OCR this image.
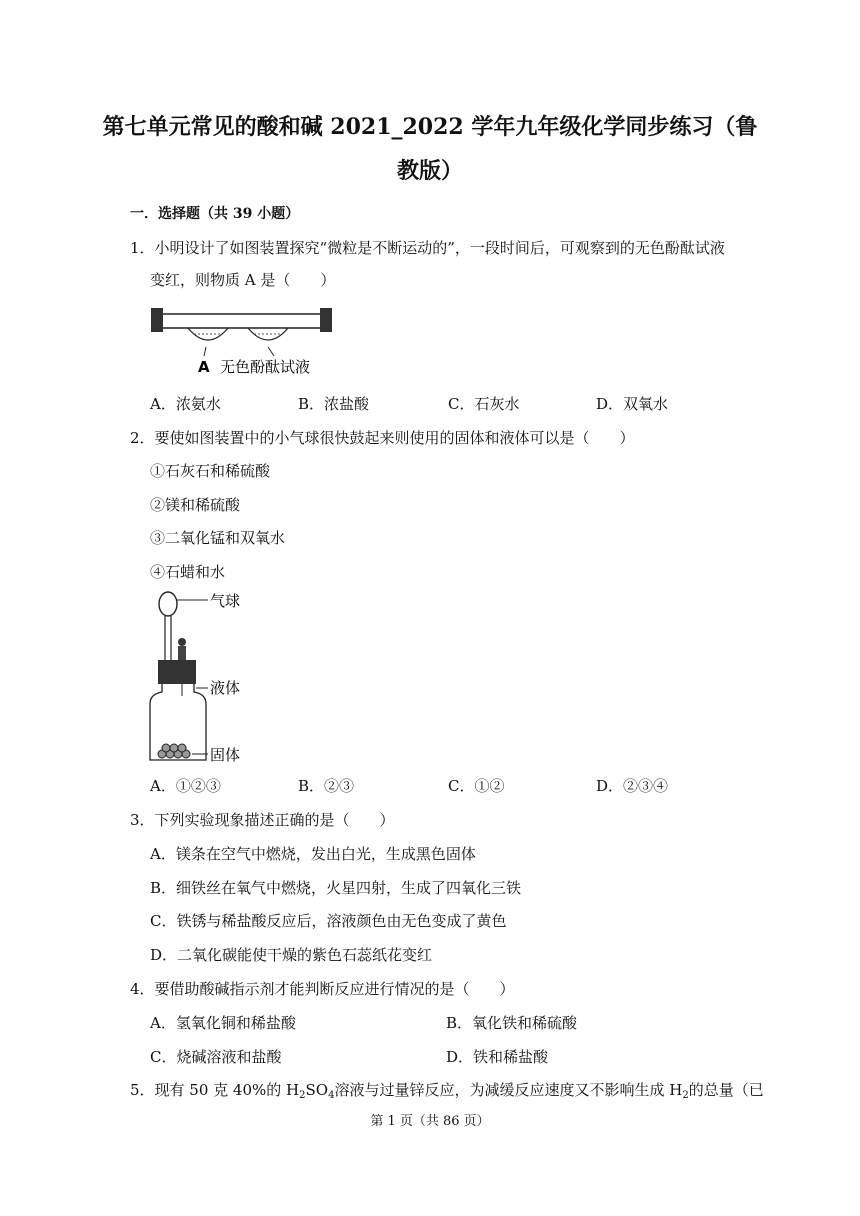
第七单元常见的酸和碱 2021_2022 学年九年级化学同步练习（鲁
教版）
一．选择题（共 39 小题）
1．小明设计了如图装置探究“微粒是不断运动的”，一段时间后，可观察到的无色酚酞试液
变红，则物质 A 是（　　）
A 无色酚酞试液
A．浓氨水	B．浓盐酸	C．石灰水	D．双氧水
2．要使如图装置中的小气球很快鼓起来则使用的固体和液体可以是（　　）
①石灰石和稀硫酸
②镁和稀硫酸
③二氧化锰和双氧水
④石蜡和水
气球
液体
固体
A．①②③	B．②③	C．①②	D．②③④
3．下列实验现象描述正确的是（　　）
A．镁条在空气中燃烧，发出白光，生成黑色固体
B．细铁丝在氧气中燃烧，火星四射，生成了四氧化三铁
C．铁锈与稀盐酸反应后，溶液颜色由无色变成了黄色
D．二氧化碳能使干燥的紫色石蕊纸花变红
4．要借助酸碱指示剂才能判断反应进行情况的是（　　）
A．氢氧化铜和稀盐酸	B．氧化铁和稀硫酸
C．烧碱溶液和盐酸	D．铁和稀盐酸
5．现有 50 克 40%的 $H_2SO_4$溶液与过量锌反应，为减缓反应速度又不影响生成 $H_2$的总量（已
第 1 页（共 86 页）
